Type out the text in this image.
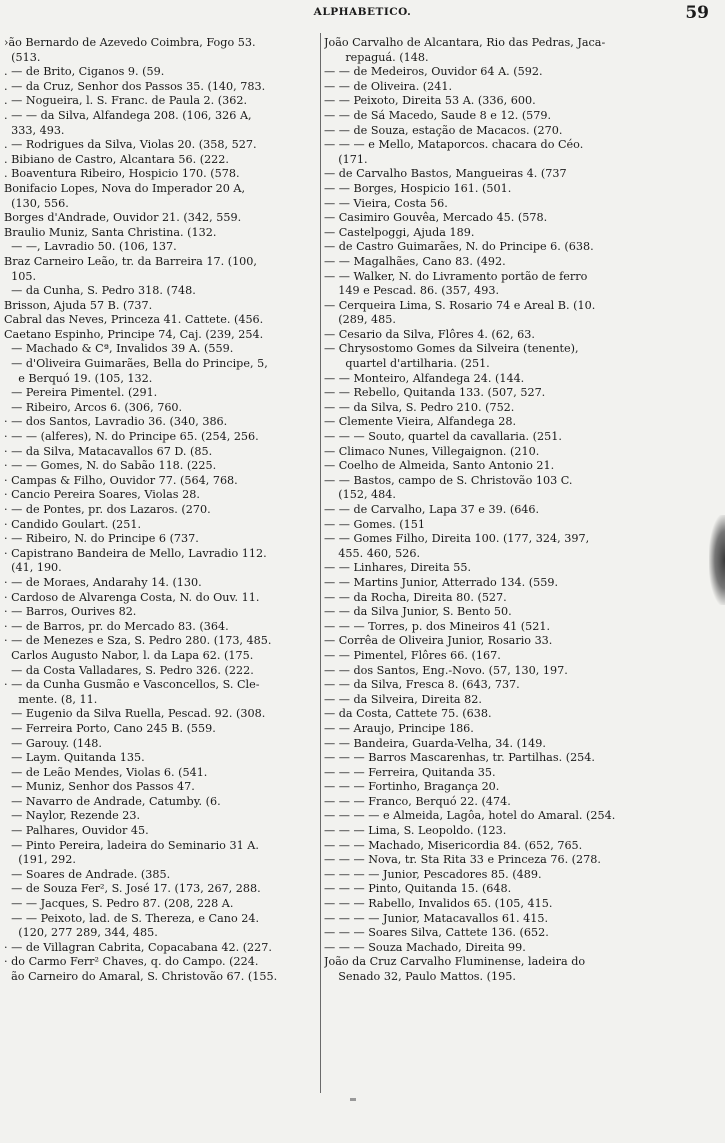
ALPHABETICO.	59
›ão Bernardo de Azevedo Coimbra, Fogo 53.
(513.
. — de Brito, Ciganos 9. (59.
. — da Cruz, Senhor dos Passos 35. (140, 783.
. — Nogueira, l. S. Franc. de Paula 2. (362.
. — — da Silva, Alfandega 208. (106, 326 A,
333, 493.
. — Rodrigues da Silva, Violas 20. (358, 527.
. Bibiano de Castro, Alcantara 56. (222.
. Boaventura Ribeiro, Hospicio 170. (578.
Bonifacio Lopes, Nova do Imperador 20 A,
(130, 556.
Borges d'Andrade, Ouvidor 21. (342, 559.
Braulio Muniz, Santa Christina. (132.
— —, Lavradio 50. (106, 137.
Braz Carneiro Leão, tr. da Barreira 17. (100,
105.
— da Cunha, S. Pedro 318. (748.
Brisson, Ajuda 57 B. (737.
Cabral das Neves, Princeza 41. Cattete. (456.
Caetano Espinho, Principe 74, Caj. (239, 254.
— Machado & Cª, Invalidos 39 A. (559.
— d'Oliveira Guimarães, Bella do Principe, 5,
e Berquó 19. (105, 132.
— Pereira Pimentel. (291.
— Ribeiro, Arcos 6. (306, 760.
· — dos Santos, Lavradio 36. (340, 386.
· — — (alferes), N. do Principe 65. (254, 256.
· — da Silva, Matacavallos 67 D. (85.
· — — Gomes, N. do Sabão 118. (225.
· Campas & Filho, Ouvidor 77. (564, 768.
· Cancio Pereira Soares, Violas 28.
· — de Pontes, pr. dos Lazaros. (270.
· Candido Goulart. (251.
· — Ribeiro, N. do Principe 6 (737.
· Capistrano Bandeira de Mello, Lavradio 112.
(41, 190.
· — de Moraes, Andarahy 14. (130.
· Cardoso de Alvarenga Costa, N. do Ouv. 11.
· — Barros, Ourives 82.
· — de Barros, pr. do Mercado 83. (364.
· — de Menezes e Sza, S. Pedro 280. (173, 485.
Carlos Augusto Nabor, l. da Lapa 62. (175.
— da Costa Valladares, S. Pedro 326. (222.
· — da Cunha Gusmão e Vasconcellos, S. Cle-
mente. (8, 11.
— Eugenio da Silva Ruella, Pescad. 92. (308.
— Ferreira Porto, Cano 245 B. (559.
— Garouy. (148.
— Laym. Quitanda 135.
— de Leão Mendes, Violas 6. (541.
— Muniz, Senhor dos Passos 47.
— Navarro de Andrade, Catumby. (6.
— Naylor, Rezende 23.
— Palhares, Ouvidor 45.
— Pinto Pereira, ladeira do Seminario 31 A.
(191, 292.
— Soares de Andrade. (385.
— de Souza Fer², S. José 17. (173, 267, 288.
— — Jacques, S. Pedro 87. (208, 228 A.
— — Peixoto, lad. de S. Thereza, e Cano 24.
(120, 277 289, 344, 485.
· — de Villagran Cabrita, Copacabana 42. (227.
· do Carmo Ferr² Chaves, q. do Campo. (224.
ão Carneiro do Amaral, S. Christovão 67. (155.
João Carvalho de Alcantara, Rio das Pedras, Jaca-
repaguá. (148.
— — de Medeiros, Ouvidor 64 A. (592.
— — de Oliveira. (241.
— — Peixoto, Direita 53 A. (336, 600.
— — de Sá Macedo, Saude 8 e 12. (579.
— — de Souza, estação de Macacos. (270.
— — — e Mello, Mataporcos. chacara do Céo.
(171.
— de Carvalho Bastos, Mangueiras 4. (737
— — Borges, Hospicio 161. (501.
— — Vieira, Costa 56.
— Casimiro Gouvêa, Mercado 45. (578.
— Castelpoggi, Ajuda 189.
— de Castro Guimarães, N. do Principe 6. (638.
— — Magalhães, Cano 83. (492.
— — Walker, N. do Livramento portão de ferro
149 e Pescad. 86. (357, 493.
— Cerqueira Lima, S. Rosario 74 e Areal B. (10.
(289, 485.
— Cesario da Silva, Flôres 4. (62, 63.
— Chrysostomo Gomes da Silveira (tenente),
quartel d'artilharia. (251.
— — Monteiro, Alfandega 24. (144.
— — Rebello, Quitanda 133. (507, 527.
— — da Silva, S. Pedro 210. (752.
— Clemente Vieira, Alfandega 28.
— — — Souto, quartel da cavallaria. (251.
— Climaco Nunes, Villegaignon. (210.
— Coelho de Almeida, Santo Antonio 21.
— — Bastos, campo de S. Christovão 103 C.
(152, 484.
— — de Carvalho, Lapa 37 e 39. (646.
— — Gomes. (151
— — Gomes Filho, Direita 100. (177, 324, 397,
455. 460, 526.
— — Linhares, Direita 55.
— — Martins Junior, Atterrado 134. (559.
— — da Rocha, Direita 80. (527.
— — da Silva Junior, S. Bento 50.
— — — Torres, p. dos Mineiros 41 (521.
— Corrêa de Oliveira Junior, Rosario 33.
— — Pimentel, Flôres 66. (167.
— — dos Santos, Eng.-Novo. (57, 130, 197.
— — da Silva, Fresca 8. (643, 737.
— — da Silveira, Direita 82.
— da Costa, Cattete 75. (638.
— — Araujo, Principe 186.
— — Bandeira, Guarda-Velha, 34. (149.
— — — Barros Mascarenhas, tr. Partilhas. (254.
— — — Ferreira, Quitanda 35.
— — — Fortinho, Bragança 20.
— — — Franco, Berquó 22. (474.
— — — — e Almeida, Lagôa, hotel do Amaral. (254.
— — — Lima, S. Leopoldo. (123.
— — — Machado, Misericordia 84. (652, 765.
— — — Nova, tr. Sta Rita 33 e Princeza 76. (278.
— — — — Junior, Pescadores 85. (489.
— — — Pinto, Quitanda 15. (648.
— — — Rabello, Invalidos 65. (105, 415.
— — — — Junior, Matacavallos 61. 415.
— — — Soares Silva, Cattete 136. (652.
— — — Souza Machado, Direita 99.
João da Cruz Carvalho Fluminense, ladeira do
Senado 32, Paulo Mattos. (195.
